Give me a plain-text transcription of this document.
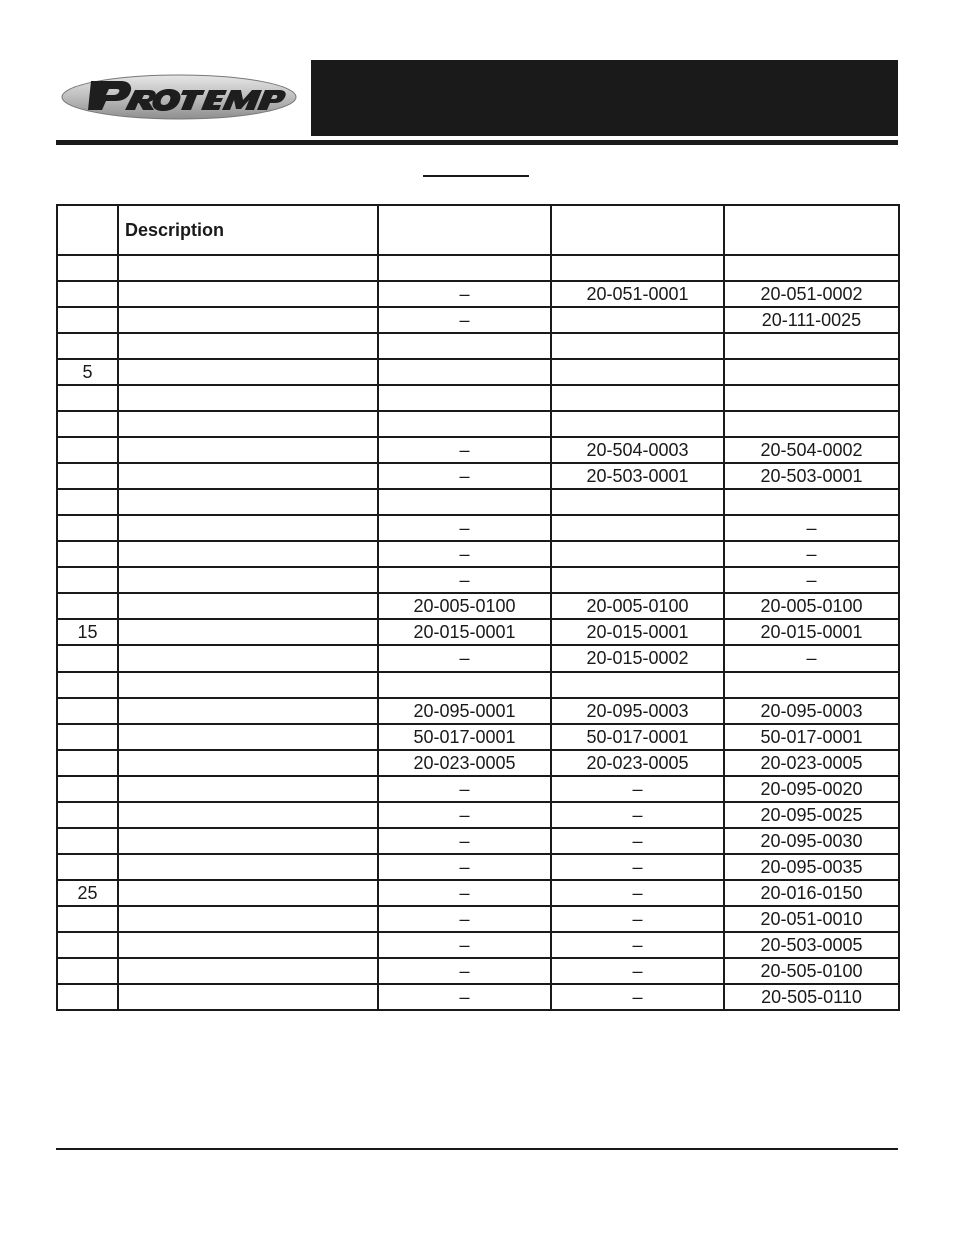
	Description			

		–	20-051-0001	20-051-0002
		–		20-111-0025

5				

		–	20-504-0003	20-504-0002
		–	20-503-0001	20-503-0001

		–		–
		–		–
		–		–
		20-005-0100	20-005-0100	20-005-0100
15		20-015-0001	20-015-0001	20-015-0001
		–	20-015-0002	–

		20-095-0001	20-095-0003	20-095-0003
		50-017-0001	50-017-0001	50-017-0001
		20-023-0005	20-023-0005	20-023-0005
		–	–	20-095-0020
		–	–	20-095-0025
		–	–	20-095-0030
		–	–	20-095-0035
25		–	–	20-016-0150
		–	–	20-051-0010
		–	–	20-503-0005
		–	–	20-505-0100
		–	–	20-505-0110
